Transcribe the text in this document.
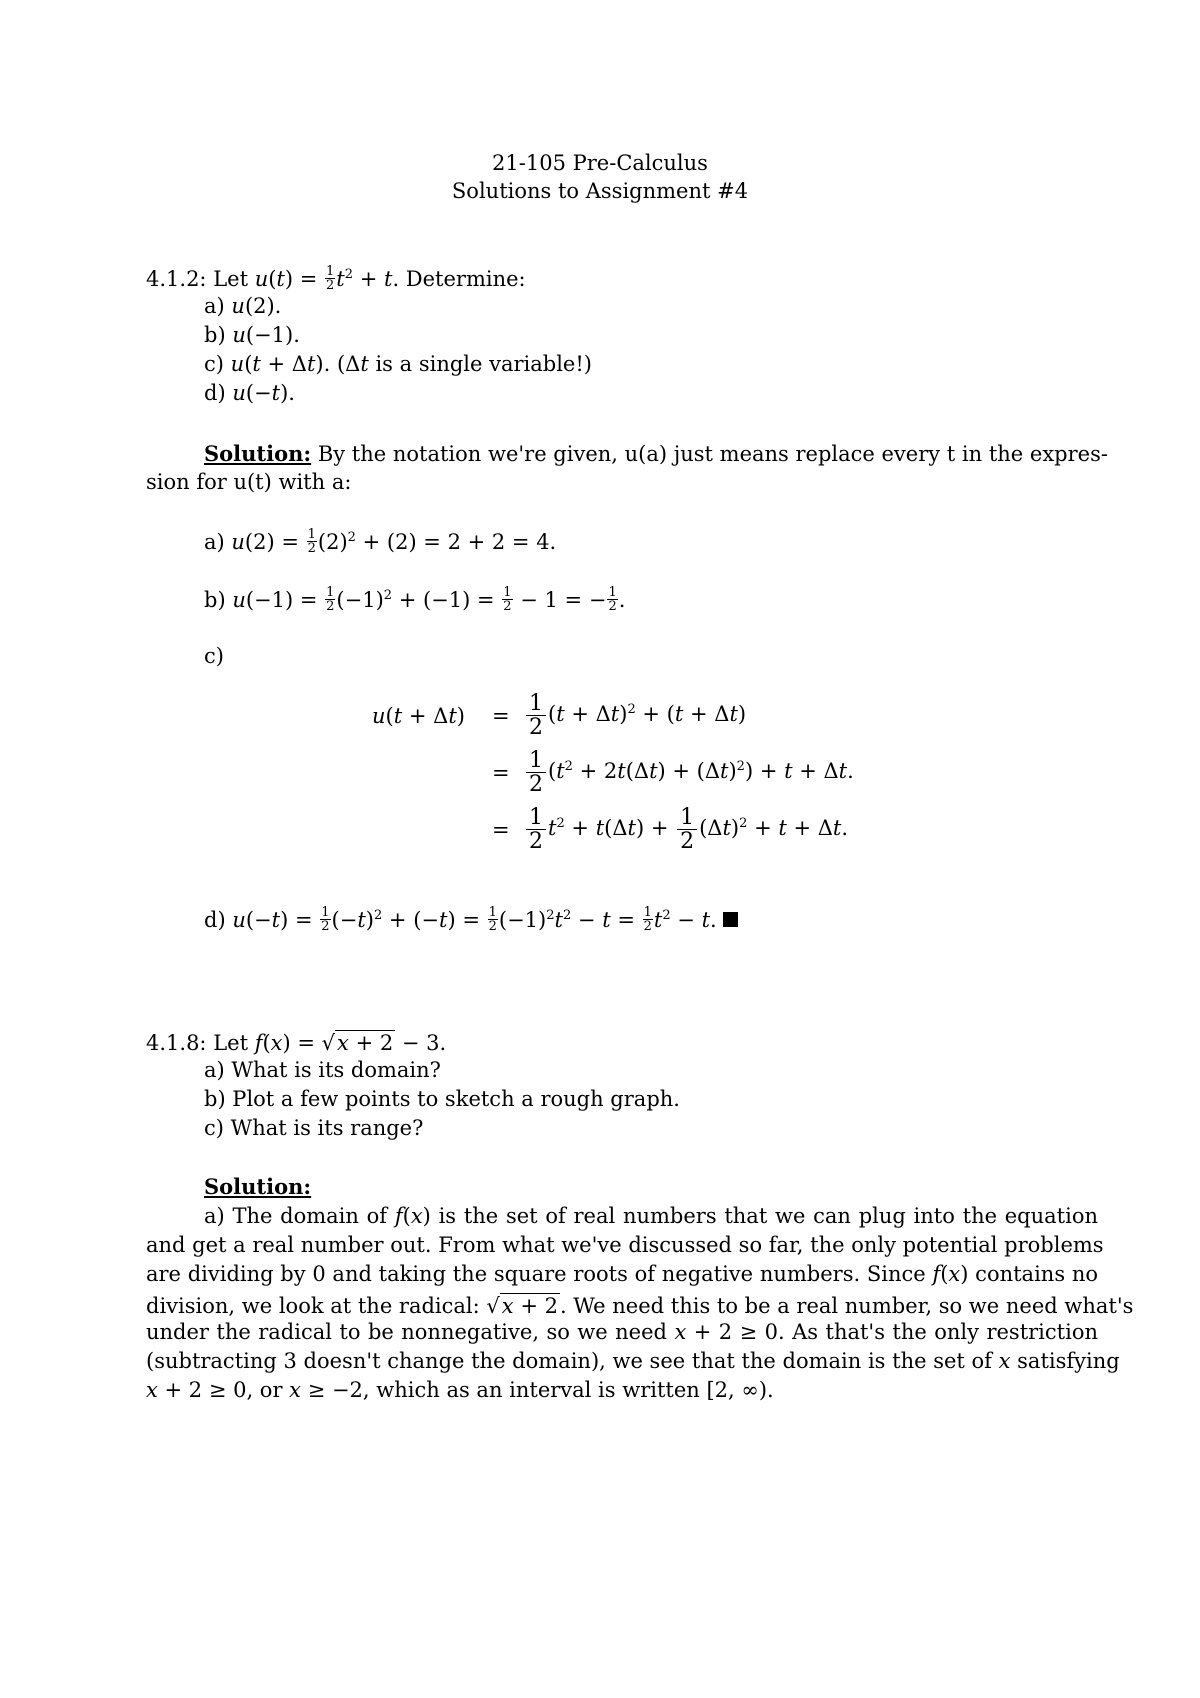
21-105 Pre-Calculus
Solutions to Assignment #4
4.1.2: Let $u(t) = \frac{1}{2} t^2 + t$. Determine:
a) u(2).
b) u(−1).
c) u(t + Δt). (Δt is a single variable!)
d) u(−t).
Solution: By the notation we're given, u(a) just means replace every t in the expres-
sion for u(t) with a:
a) $u(2) = \frac{1}{2} (2)^2 + (2) = 2 + 2 = 4$.
b) $u(-1) = \frac{1}{2} (-1)^2 + (-1) = \frac{1}{2} - 1$ = − $\frac{1}{2}$ .
c)
u(t + Δt) =
=
=
$\frac{1}{2} (t + \Delta t)^2 + (t + \Delta t)$
$\frac{1}{2} (t^2 + 2t(\Delta t) + (\Delta t)^2) + t + \Delta t$.
$\frac{1}{2} t^2 + t(\Delta t) + \frac{1}{2} (\Delta t)^2 + t + \Delta t$.
d) $u(-t) = \frac{1}{2} (-t)^2 + (-t) = \frac{1}{2} (-1)^2t^2 - t = \frac{1}{2} t^2 - t$.
4.1.8: Let f(x) = √x + 2 − 3.
a) What is its domain?
b) Plot a few points to sketch a rough graph.
c) What is its range?
Solution:
a) The domain of f(x) is the set of real numbers that we can plug into the equation
and get a real number out. From what we've discussed so far, the only potential problems
are dividing by 0 and taking the square roots of negative numbers. Since f(x) contains no
division, we look at the radical: √x + 2. We need this to be a real number, so we need what's
under the radical to be nonnegative, so we need x + 2 ≥ 0. As that's the only restriction
(subtracting 3 doesn't change the domain), we see that the domain is the set of x satisfying
x + 2 ≥ 0, or x ≥ −2, which as an interval is written [2, ∞).
